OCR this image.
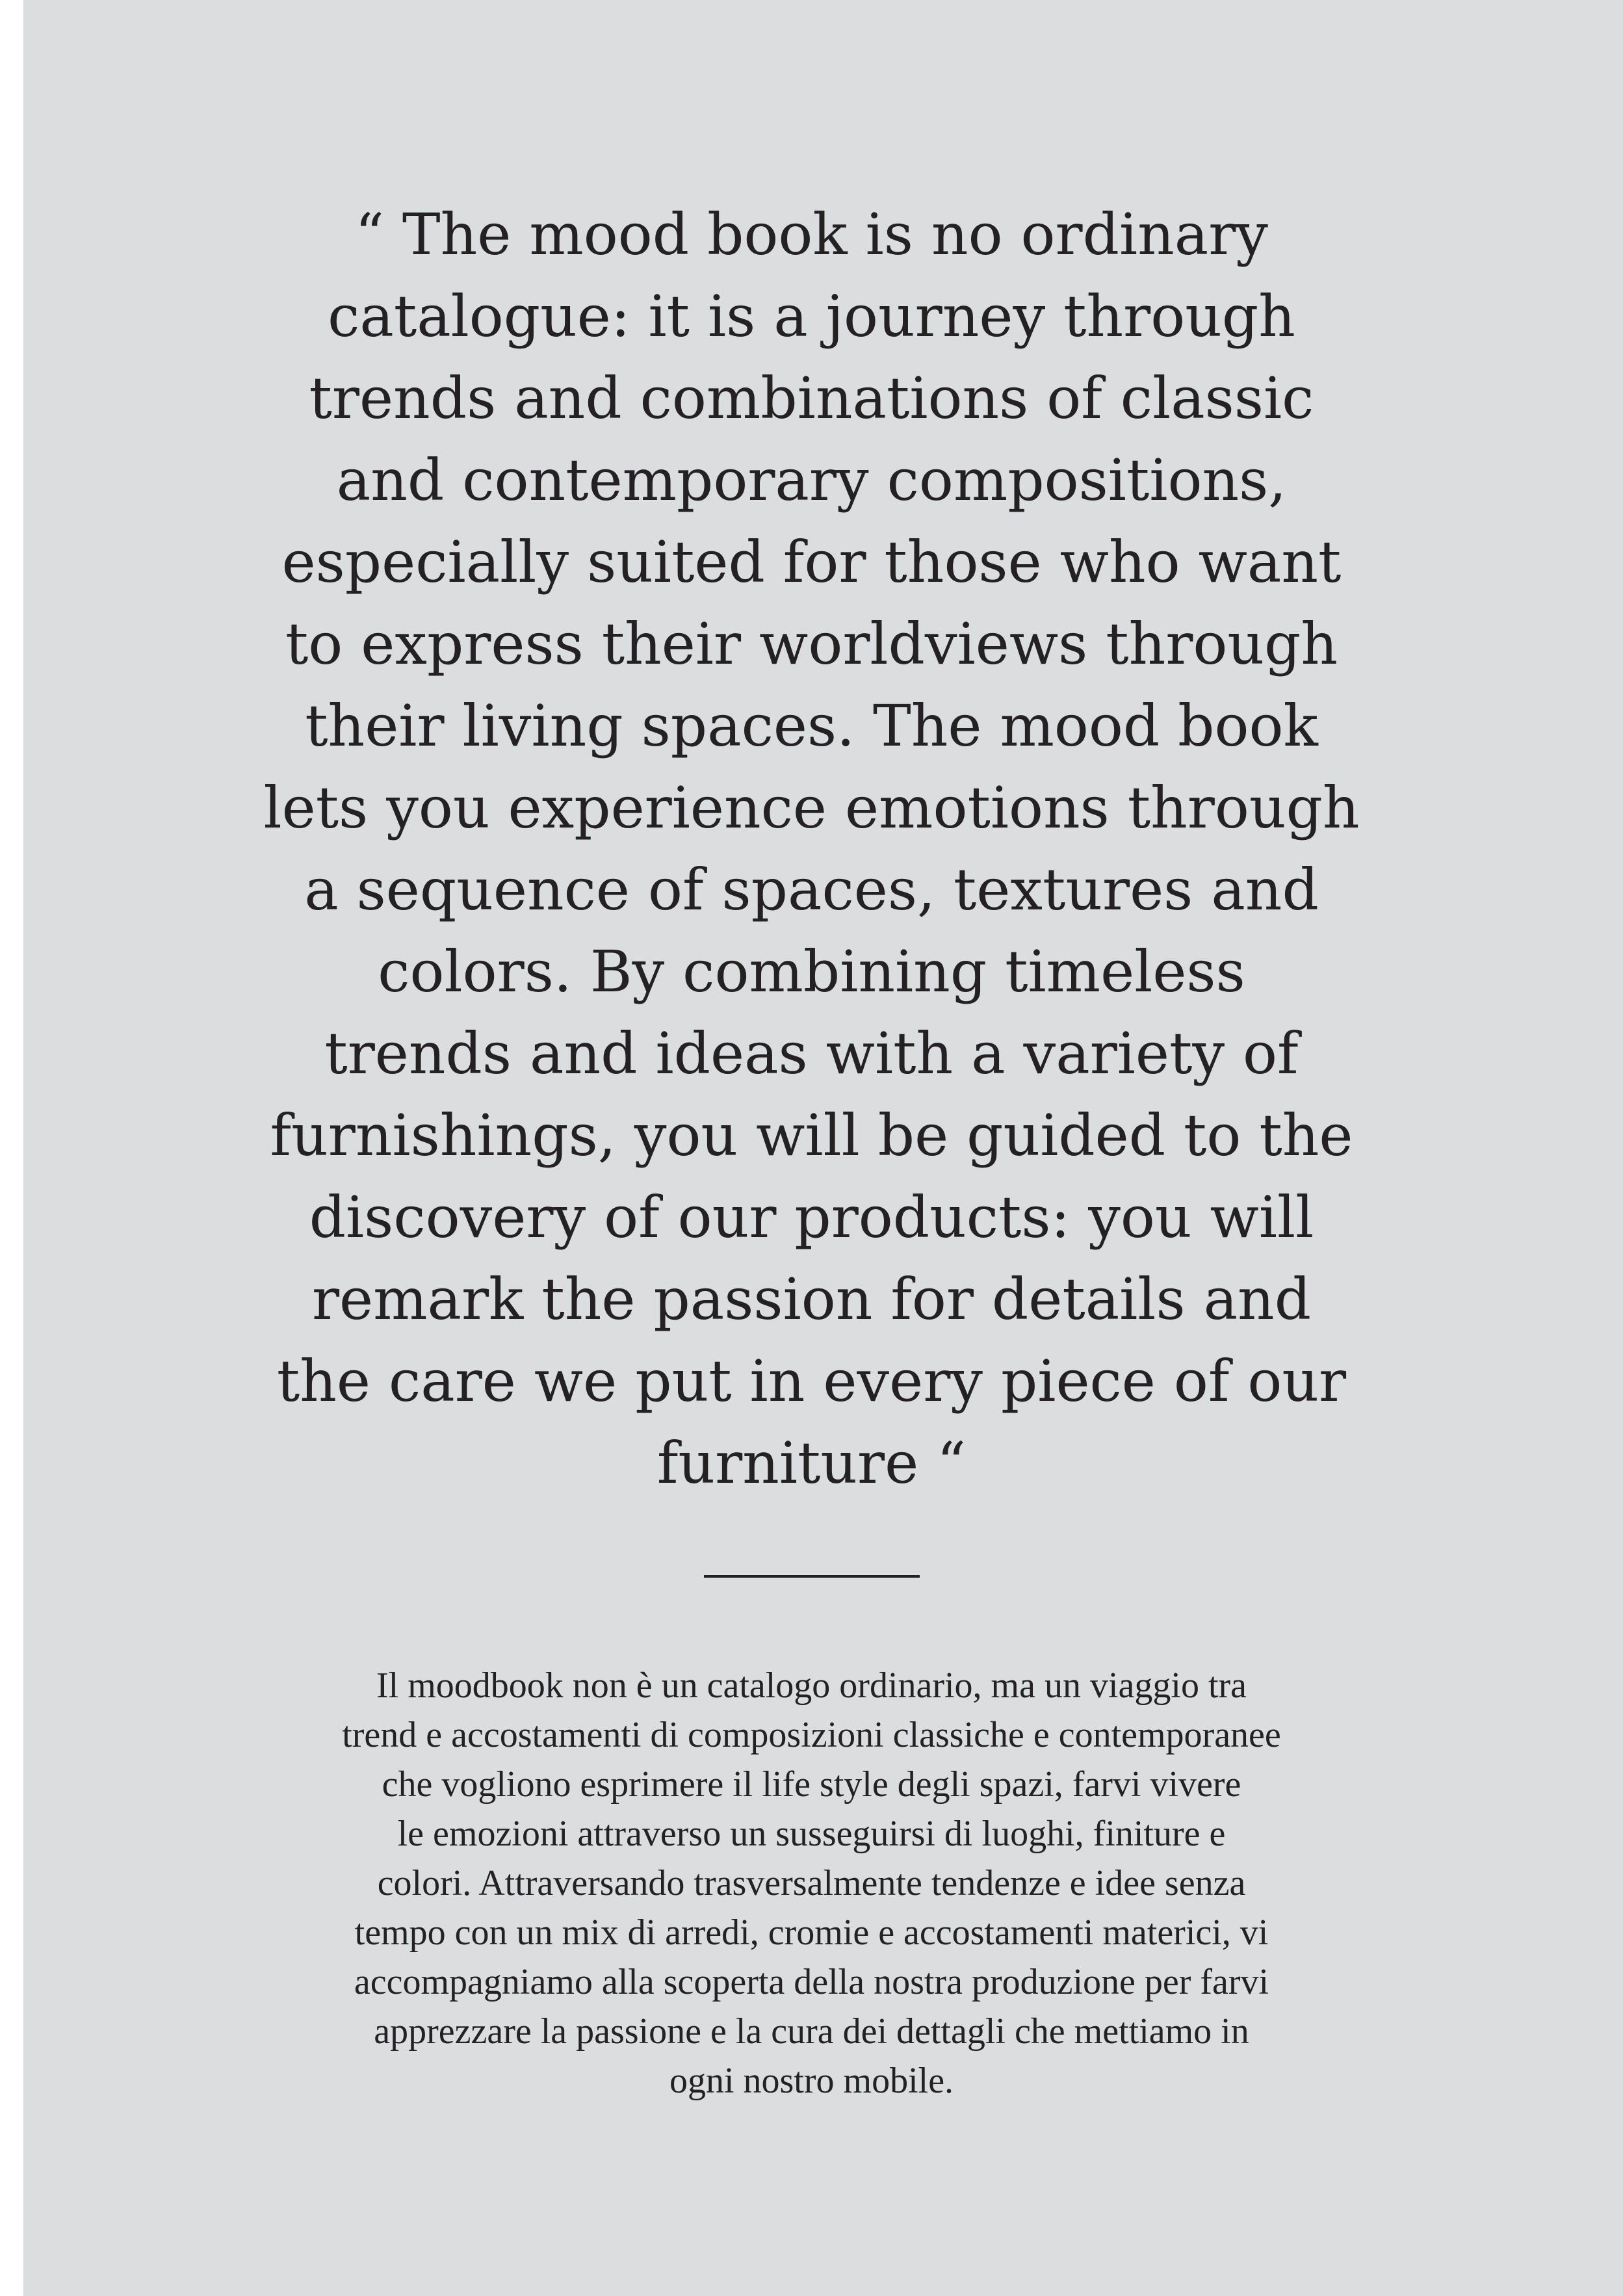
“ The mood book is no ordinary
catalogue: it is a journey through
trends and combinations of classic
and contemporary compositions,
especially suited for those who want
to express their worldviews through
their living spaces. The mood book
lets you experience emotions through
a sequence of spaces, textures and
colors. By combining timeless
trends and ideas with a variety of
furnishings, you will be guided to the
discovery of our products: you will
remark the passion for details and
the care we put in every piece of our
furniture “

Il moodbook non è un catalogo ordinario, ma un viaggio tra
trend e accostamenti di composizioni classiche e contemporanee
che vogliono esprimere il life style degli spazi, farvi vivere
le emozioni attraverso un susseguirsi di luoghi, finiture e
colori. Attraversando trasversalmente tendenze e idee senza
tempo con un mix di arredi, cromie e accostamenti materici, vi
accompagniamo alla scoperta della nostra produzione per farvi
apprezzare la passione e la cura dei dettagli che mettiamo in
ogni nostro mobile.
